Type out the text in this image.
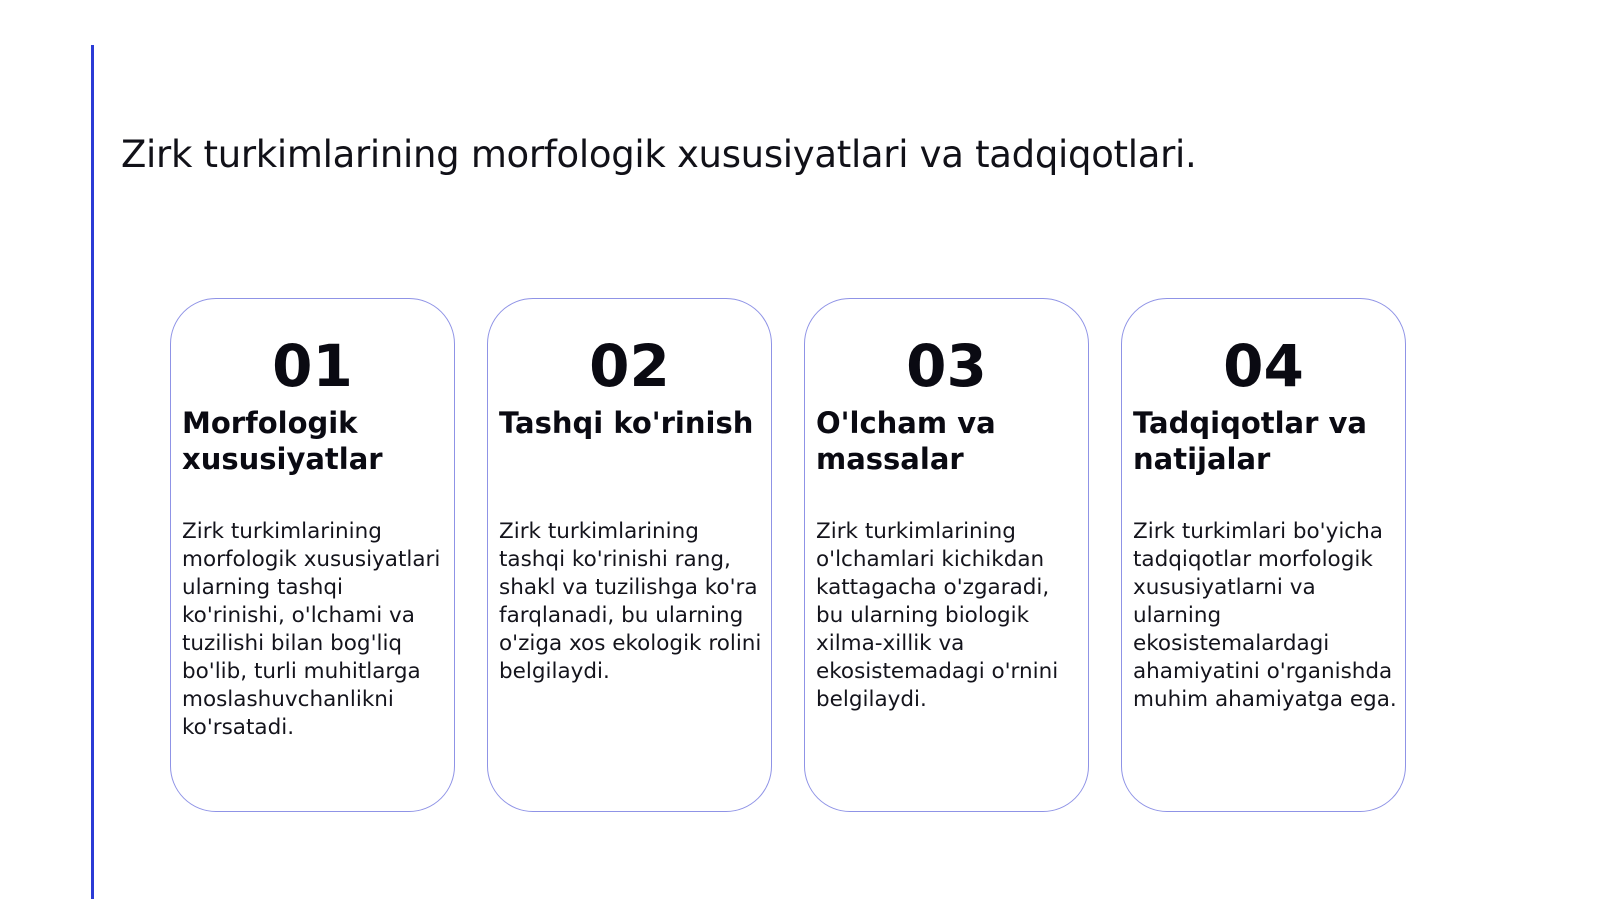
Zirk turkimlarining morfologik xususiyatlari va tadqiqotlari.
01
Morfologik xususiyatlar
Zirk turkimlarining morfologik xususiyatlari ularning tashqi ko'rinishi, o'lchami va tuzilishi bilan bog'liq bo'lib, turli muhitlarga moslashuvchanlikni ko'rsatadi.
02
Tashqi ko'rinish
Zirk turkimlarining tashqi ko'rinishi rang, shakl va tuzilishga ko'ra farqlanadi, bu ularning o'ziga xos ekologik rolini belgilaydi.
03
O'lcham va massalar
Zirk turkimlarining o'lchamlari kichikdan kattagacha o'zgaradi, bu ularning biologik xilma-xillik va ekosistemadagi o'rnini belgilaydi.
04
Tadqiqotlar va natijalar
Zirk turkimlari bo'yicha tadqiqotlar morfologik xususiyatlarni va ularning ekosistemalardagi ahamiyatini o'rganishda muhim ahamiyatga ega.
